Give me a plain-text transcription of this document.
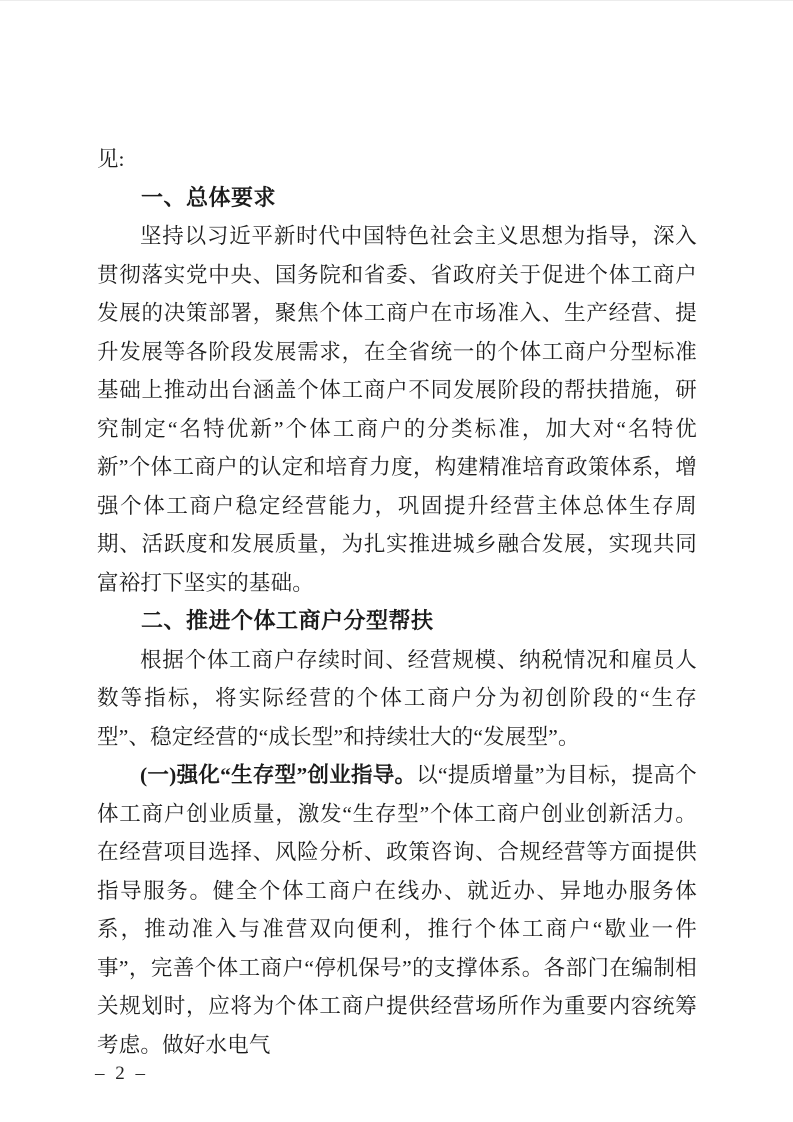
见:

一、总体要求

坚持以习近平新时代中国特色社会主义思想为指导，深入贯彻落实党中央、国务院和省委、省政府关于促进个体工商户发展的决策部署，聚焦个体工商户在市场准入、生产经营、提升发展等各阶段发展需求，在全省统一的个体工商户分型标准基础上推动出台涵盖个体工商户不同发展阶段的帮扶措施，研究制定“名特优新”个体工商户的分类标准，加大对“名特优新”个体工商户的认定和培育力度，构建精准培育政策体系，增强个体工商户稳定经营能力，巩固提升经营主体总体生存周期、活跃度和发展质量，为扎实推进城乡融合发展，实现共同富裕打下坚实的基础。

二、推进个体工商户分型帮扶

根据个体工商户存续时间、经营规模、纳税情况和雇员人数等指标，将实际经营的个体工商户分为初创阶段的“生存型”、稳定经营的“成长型”和持续壮大的“发展型”。

(一)强化“生存型”创业指导。以“提质增量”为目标，提高个体工商户创业质量，激发“生存型”个体工商户创业创新活力。在经营项目选择、风险分析、政策咨询、合规经营等方面提供指导服务。健全个体工商户在线办、就近办、异地办服务体系，推动准入与准营双向便利，推行个体工商户“歇业一件事”，完善个体工商户“停机保号”的支撑体系。各部门在编制相关规划时，应将为个体工商户提供经营场所作为重要内容统筹考虑。做好水电气

– 2 –
